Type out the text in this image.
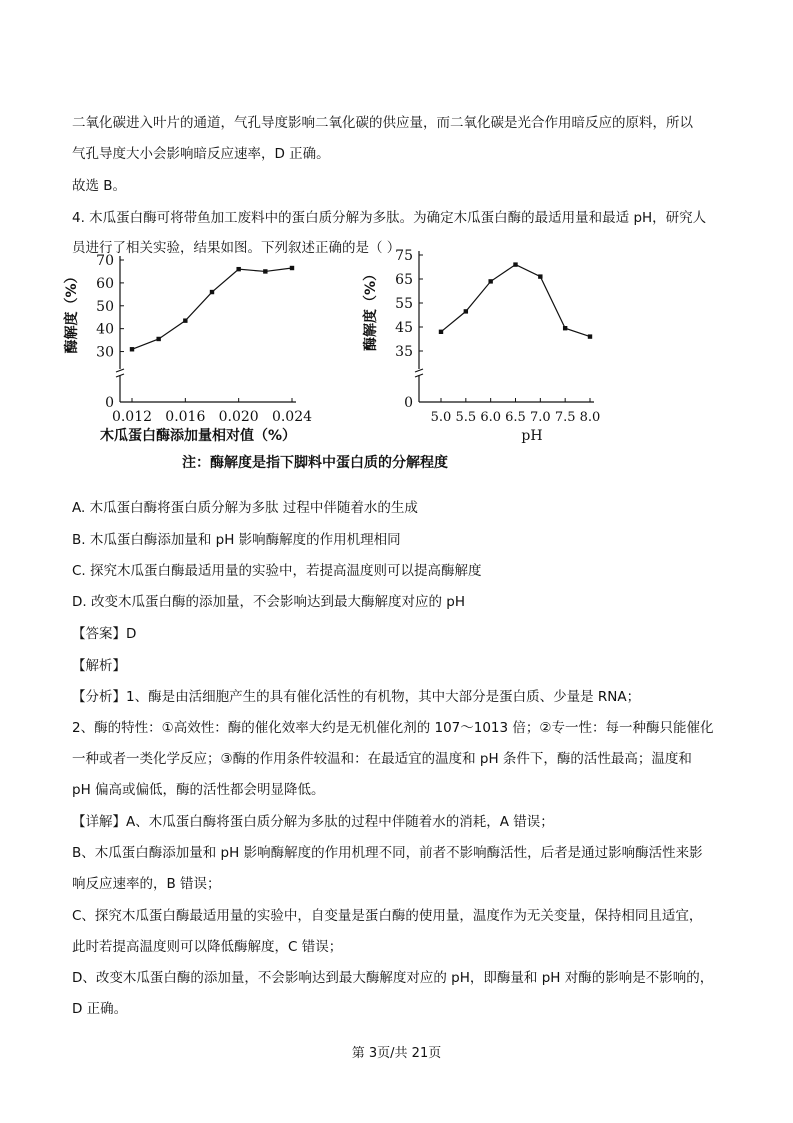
二氧化碳进入叶片的通道，气孔导度影响二氧化碳的供应量，而二氧化碳是光合作用暗反应的原料，所以
气孔导度大小会影响暗反应速率，D 正确。
故选 B。
4. 木瓜蛋白酶可将带鱼加工废料中的蛋白质分解为多肽。为确定木瓜蛋白酶的最适用量和最适 pH，研究人
员进行了相关实验，结果如图。下列叙述正确的是（ ）
30
40
50
60
70
0
0.012 0.016 0.020 0.024
木瓜蛋白酶添加量相对值（%）
酶解度（%）	35
45
55
65
75
0
5.0 5.5 6.0 6.5 7.0 7.5 8.0
pH
酶解度（%）
注：酶解度是指下脚料中蛋白质的分解程度
A. 木瓜蛋白酶将蛋白质分解为多肽 过程中伴随着水的生成
B. 木瓜蛋白酶添加量和 pH 影响酶解度的作用机理相同
C. 探究木瓜蛋白酶最适用量的实验中，若提高温度则可以提高酶解度
D. 改变木瓜蛋白酶的添加量，不会影响达到最大酶解度对应的 pH
【答案】D
【解析】
【分析】1、酶是由活细胞产生的具有催化活性的有机物，其中大部分是蛋白质、少量是 RNA；
2、酶的特性：①高效性：酶的催化效率大约是无机催化剂的 107～1013 倍；②专一性：每一种酶只能催化
一种或者一类化学反应；③酶的作用条件较温和：在最适宜的温度和 pH 条件下，酶的活性最高；温度和
pH 偏高或偏低，酶的活性都会明显降低。
【详解】A、木瓜蛋白酶将蛋白质分解为多肽的过程中伴随着水的消耗，A 错误；
B、木瓜蛋白酶添加量和 pH 影响酶解度的作用机理不同，前者不影响酶活性，后者是通过影响酶活性来影
响反应速率的，B 错误；
C、探究木瓜蛋白酶最适用量的实验中，自变量是蛋白酶的使用量，温度作为无关变量，保持相同且适宜，
此时若提高温度则可以降低酶解度，C 错误；
D、改变木瓜蛋白酶的添加量，不会影响达到最大酶解度对应的 pH，即酶量和 pH 对酶的影响是不影响的，
D 正确。
第 3页/共 21页
